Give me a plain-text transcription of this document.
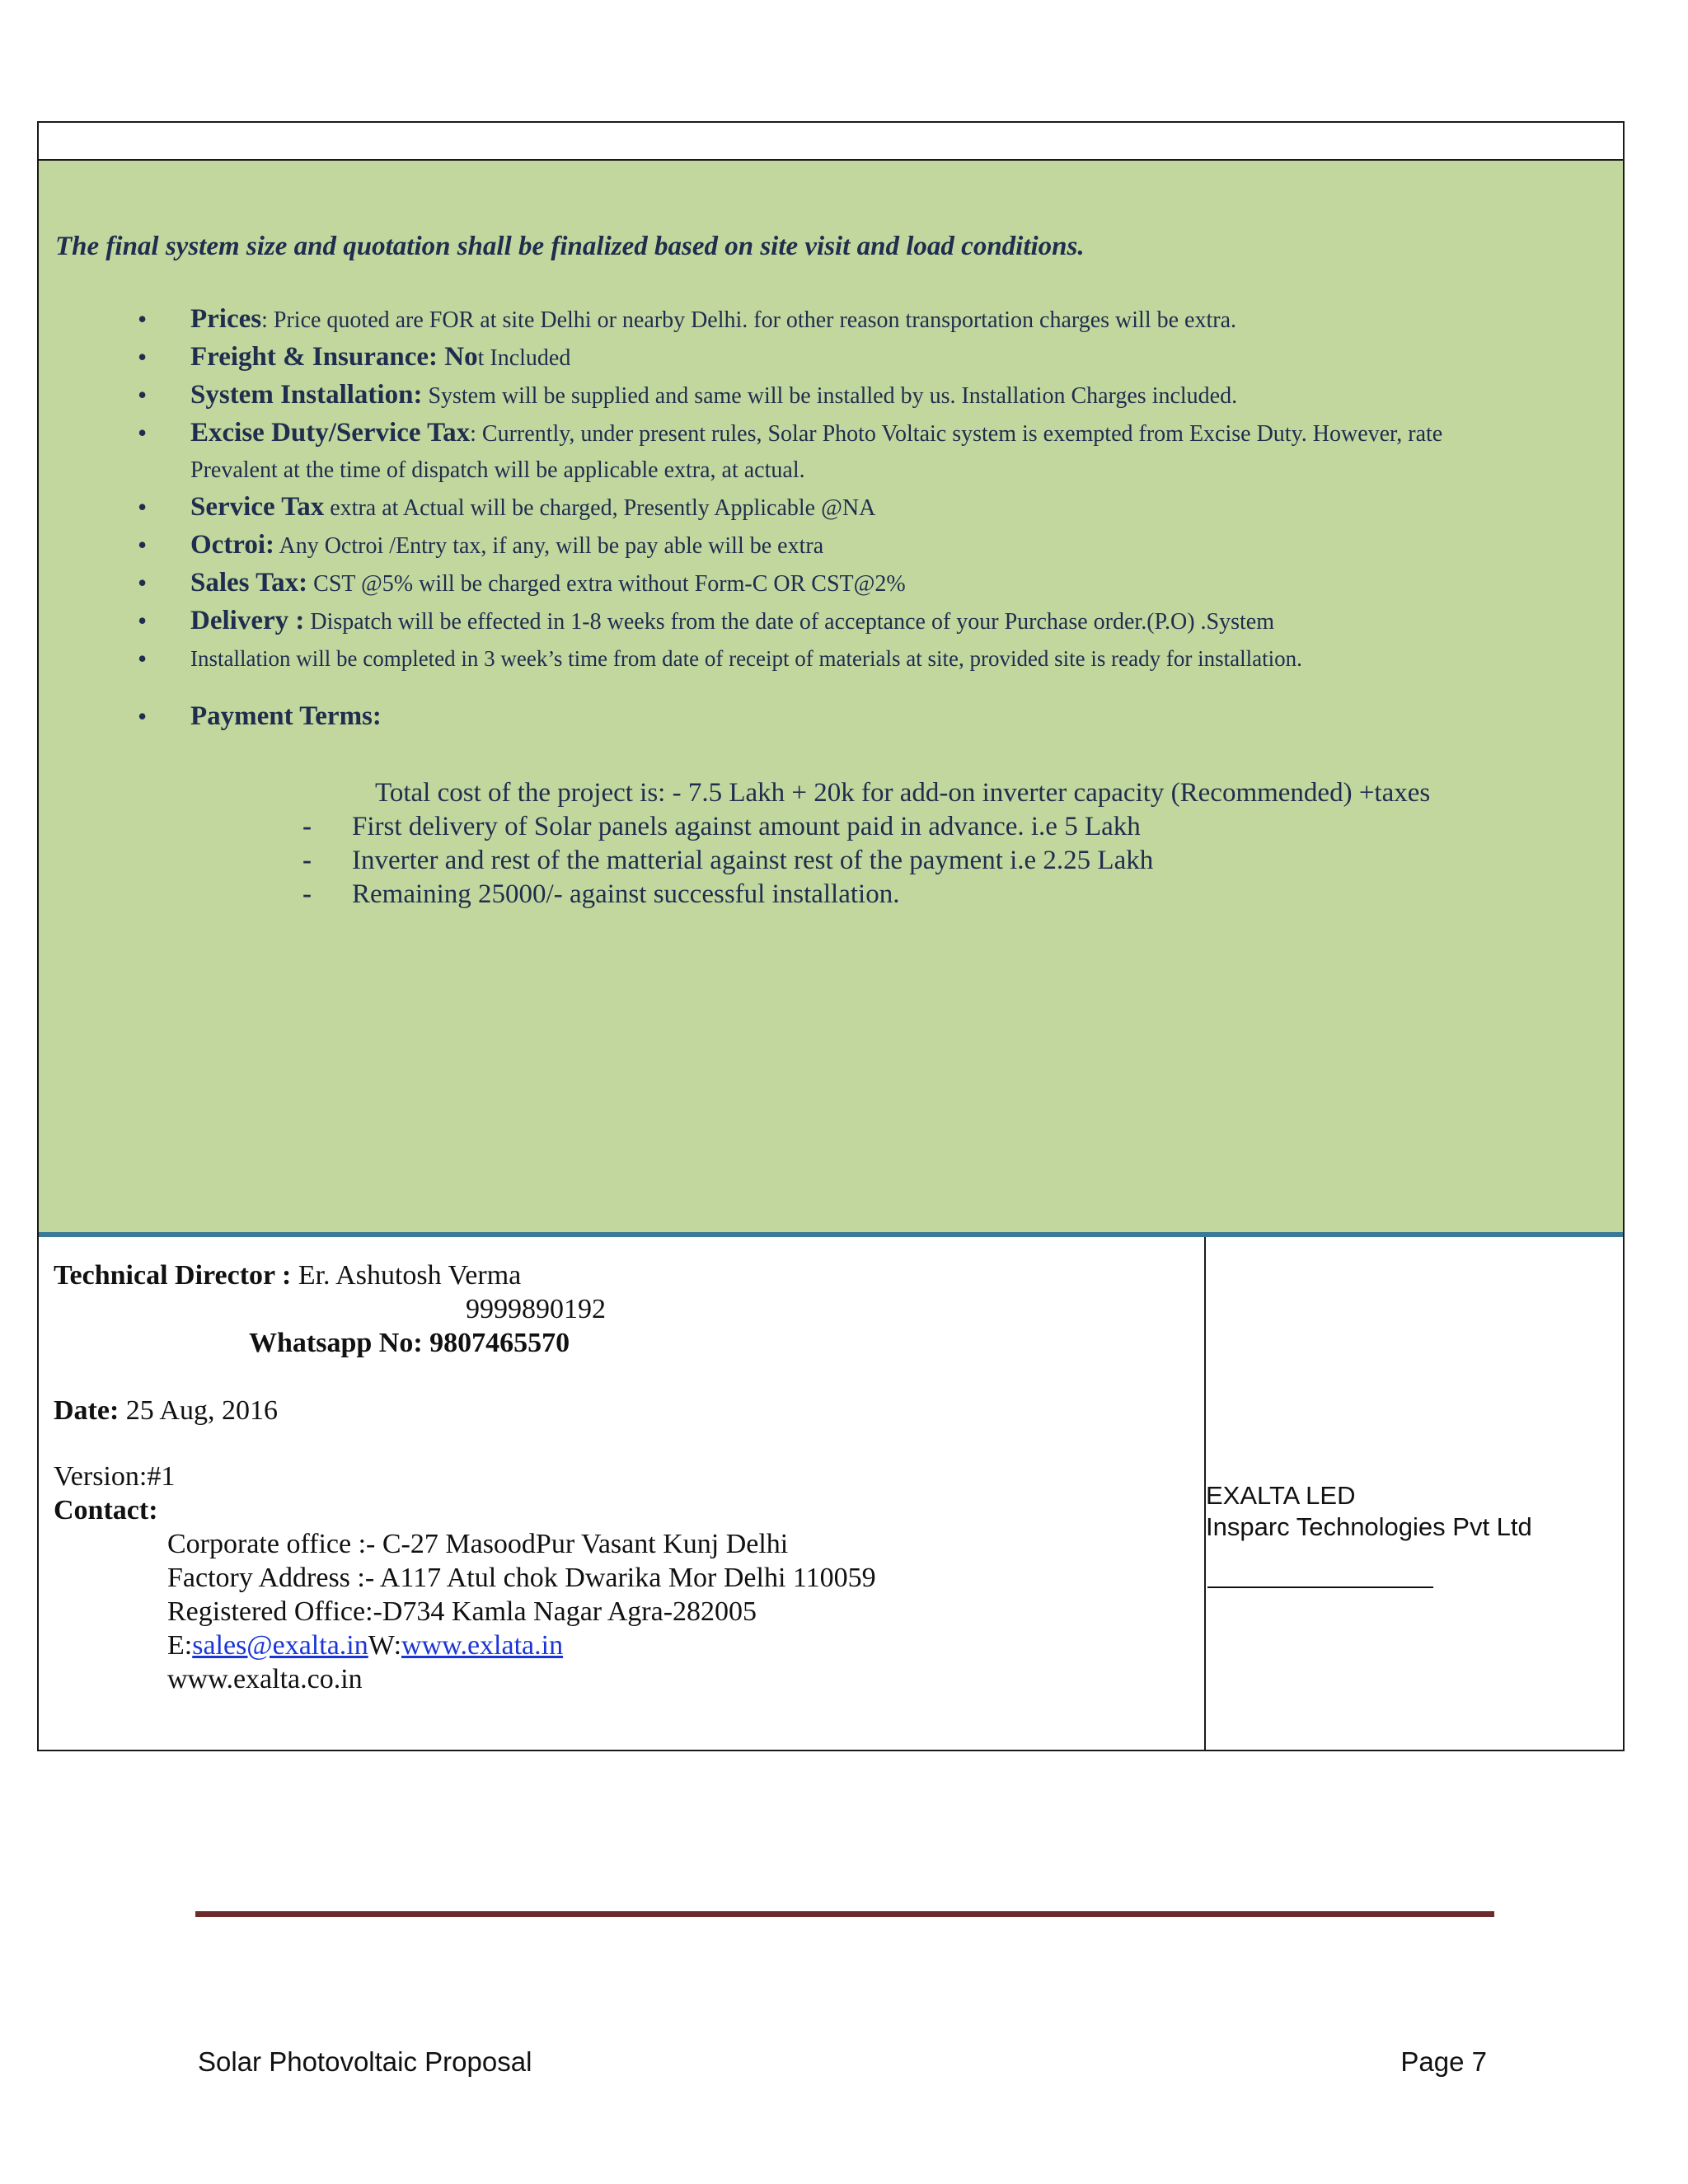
The final system size and quotation shall be finalized based on site visit and load conditions.
• Prices: Price quoted are FOR at site Delhi or nearby Delhi. for other reason transportation charges will be extra.
• Freight & Insurance: Not Included
• System Installation: System will be supplied and same will be installed by us. Installation Charges included.
• Excise Duty/Service Tax: Currently, under present rules, Solar Photo Voltaic system is exempted from Excise Duty. However, rate
Prevalent at the time of dispatch will be applicable extra, at actual.
• Service Tax extra at Actual will be charged, Presently Applicable @NA
• Octroi: Any Octroi /Entry tax, if any, will be pay able will be extra
• Sales Tax: CST @5% will be charged extra without Form-C OR CST@2%
• Delivery : Dispatch will be effected in 1-8 weeks from the date of acceptance of your Purchase order.(P.O) .System
• Installation will be completed in 3 week’s time from date of receipt of materials at site, provided site is ready for installation.
• Payment Terms:
Total cost of the project is: - 7.5 Lakh + 20k for add-on inverter capacity (Recommended) +taxes
- First delivery of Solar panels against amount paid in advance. i.e 5 Lakh
- Inverter and rest of the matterial against rest of the payment i.e 2.25 Lakh
- Remaining 25000/- against successful installation.
Technical Director : Er. Ashutosh Verma
9999890192
Whatsapp No: 9807465570
Date: 25 Aug, 2016
Version:#1
Contact:
Corporate office :- C-27 MasoodPur Vasant Kunj Delhi
Factory Address :- A117 Atul chok Dwarika Mor Delhi 110059
Registered Office:-D734 Kamla Nagar Agra-282005
E:sales@exalta.inW:www.exlata.in
www.exalta.co.in
EXALTA LED
Insparc Technologies Pvt Ltd
Solar Photovoltaic Proposal	Page 7
